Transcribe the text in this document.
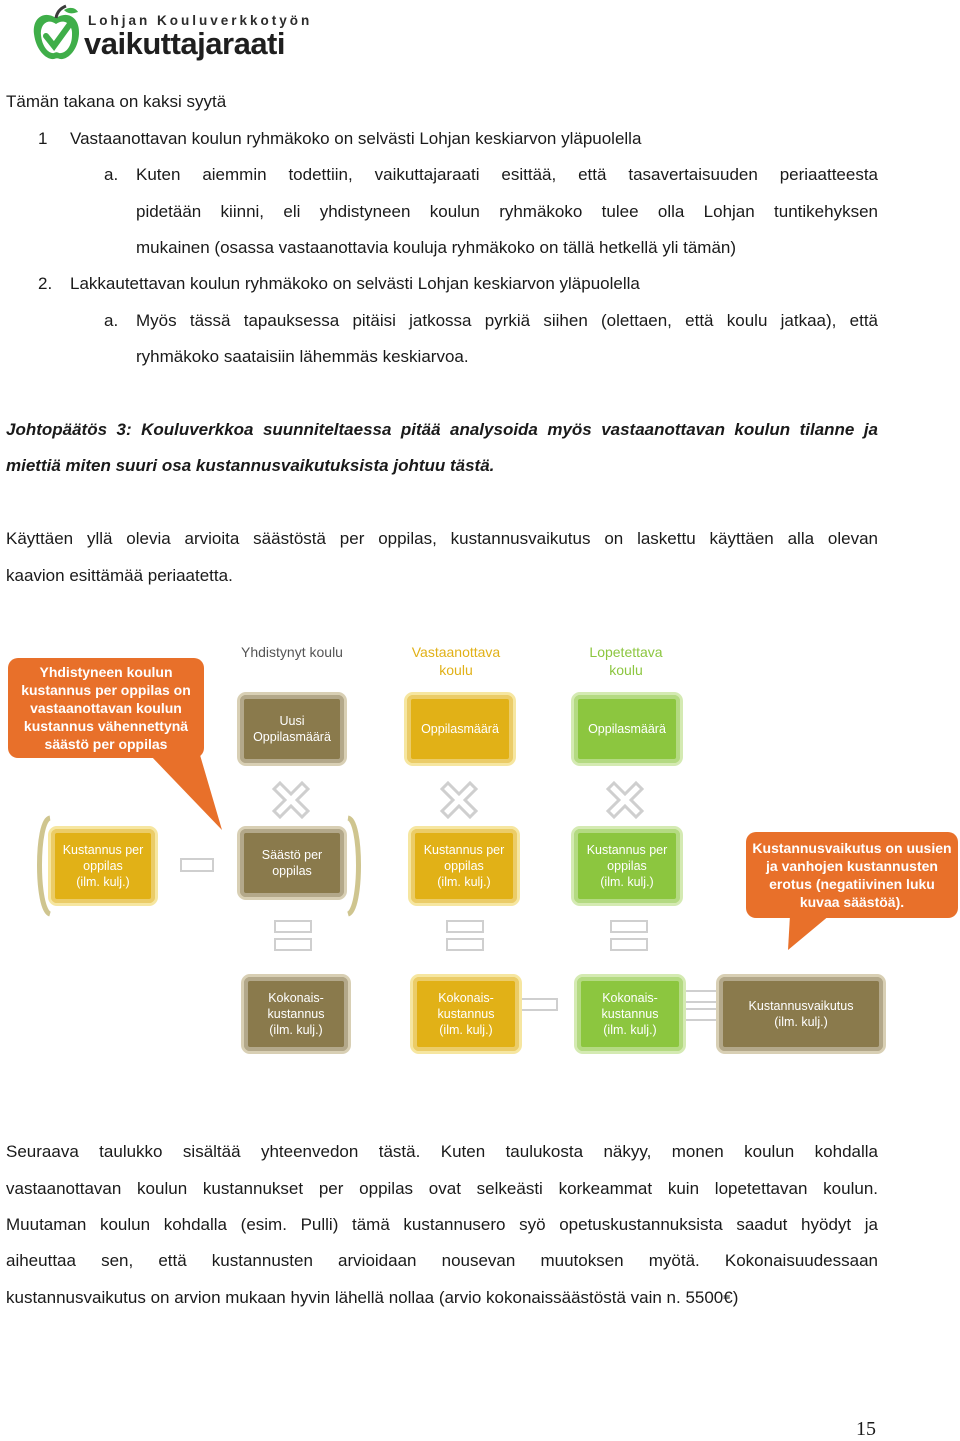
Lohjan Kouluverkkotyön
vaikuttajaraati
Tämän takana on kaksi syytä
1 Vastaanottavan koulun ryhmäkoko on selvästi Lohjan keskiarvon yläpuolella
a. Kuten aiemmin todettiin, vaikuttajaraati esittää, että tasavertaisuuden periaatteesta
pidetään kiinni, eli yhdistyneen koulun ryhmäkoko tulee olla Lohjan tuntikehyksen
mukainen (osassa vastaanottavia kouluja ryhmäkoko on tällä hetkellä yli tämän)
2. Lakkautettavan koulun ryhmäkoko on selvästi Lohjan keskiarvon yläpuolella
a. Myös tässä tapauksessa pitäisi jatkossa pyrkiä siihen (olettaen, että koulu jatkaa), että
ryhmäkoko saataisiin lähemmäs keskiarvoa.
Johtopäätös 3: Kouluverkkoa suunniteltaessa pitää analysoida myös vastaanottavan koulun tilanne ja
miettiä miten suuri osa kustannusvaikutuksista johtuu tästä.
Käyttäen yllä olevia arvioita säästöstä per oppilas, kustannusvaikutus on laskettu käyttäen alla olevan
kaavion esittämää periaatetta.
Yhdistynyt koulu	Vastaanottava
koulu
Lopetettava
koulu
Yhdistyneen koulun
kustannus per oppilas on
vastaanottavan koulun
kustannus vähennettynä
säästö per oppilas
Kustannusvaikutus on uusien
ja vanhojen kustannusten
erotus (negatiivinen luku
kuvaa säästöä).
Uusi
Oppilasmäärä
Oppilasmäärä	Oppilasmäärä
Kustannus per
oppilas
(ilm. kulj.)
Säästö per
oppilas
Kustannus per
oppilas
(ilm. kulj.)
Kustannus per
oppilas
(ilm. kulj.)
Kokonais-
kustannus
(ilm. kulj.)
Kokonais-
kustannus
(ilm. kulj.)
Kokonais-
kustannus
(ilm. kulj.)
Kustannusvaikutus
(ilm. kulj.)
Seuraava taulukko sisältää yhteenvedon tästä. Kuten taulukosta näkyy, monen koulun kohdalla
vastaanottavan koulun kustannukset per oppilas ovat selkeästi korkeammat kuin lopetettavan koulun.
Muutaman koulun kohdalla (esim. Pulli) tämä kustannusero syö opetuskustannuksista saadut hyödyt ja
aiheuttaa sen, että kustannusten arvioidaan nousevan muutoksen myötä. Kokonaisuudessaan
kustannusvaikutus on arvion mukaan hyvin lähellä nollaa (arvio kokonaissäästöstä vain n. 5500€)
15
